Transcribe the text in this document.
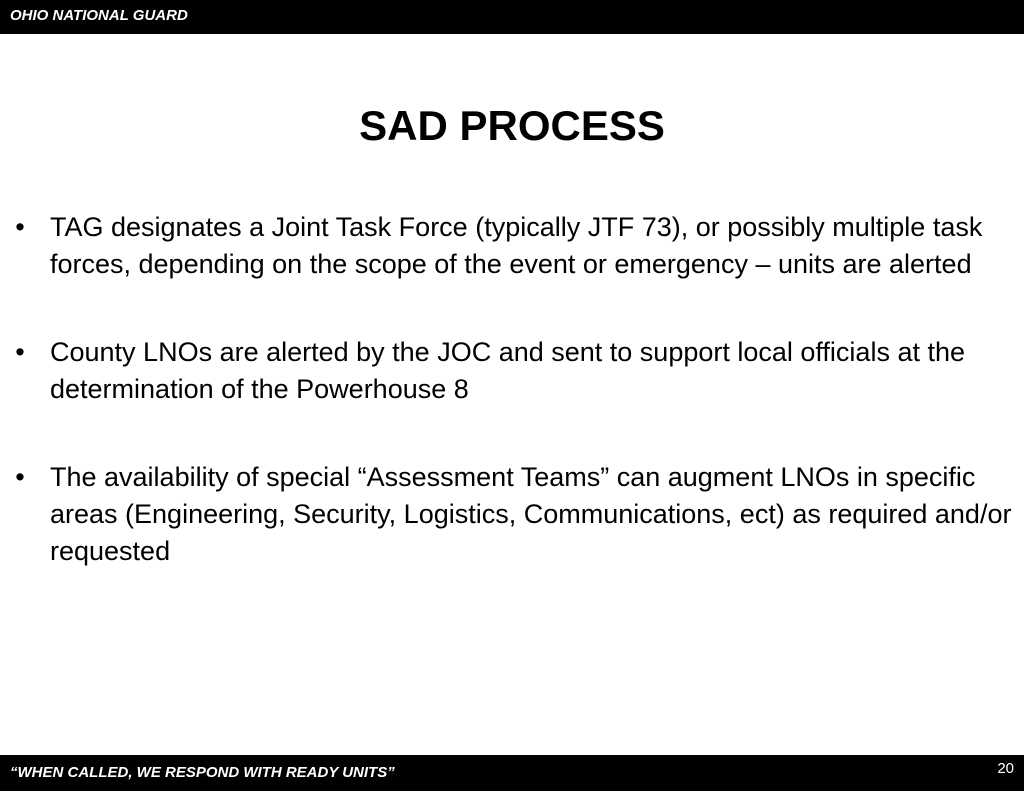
OHIO NATIONAL GUARD
SAD PROCESS
• TAG designates a Joint Task Force (typically JTF 73), or possibly multiple task forces, depending on the scope of the event or emergency – units are alerted
• County LNOs are alerted by the JOC and sent to support local officials at the determination of the Powerhouse 8
• The availability of special “Assessment Teams” can augment LNOs in specific areas (Engineering, Security, Logistics, Communications, ect) as required and/or requested
“WHEN CALLED, WE RESPOND WITH READY UNITS”	20
